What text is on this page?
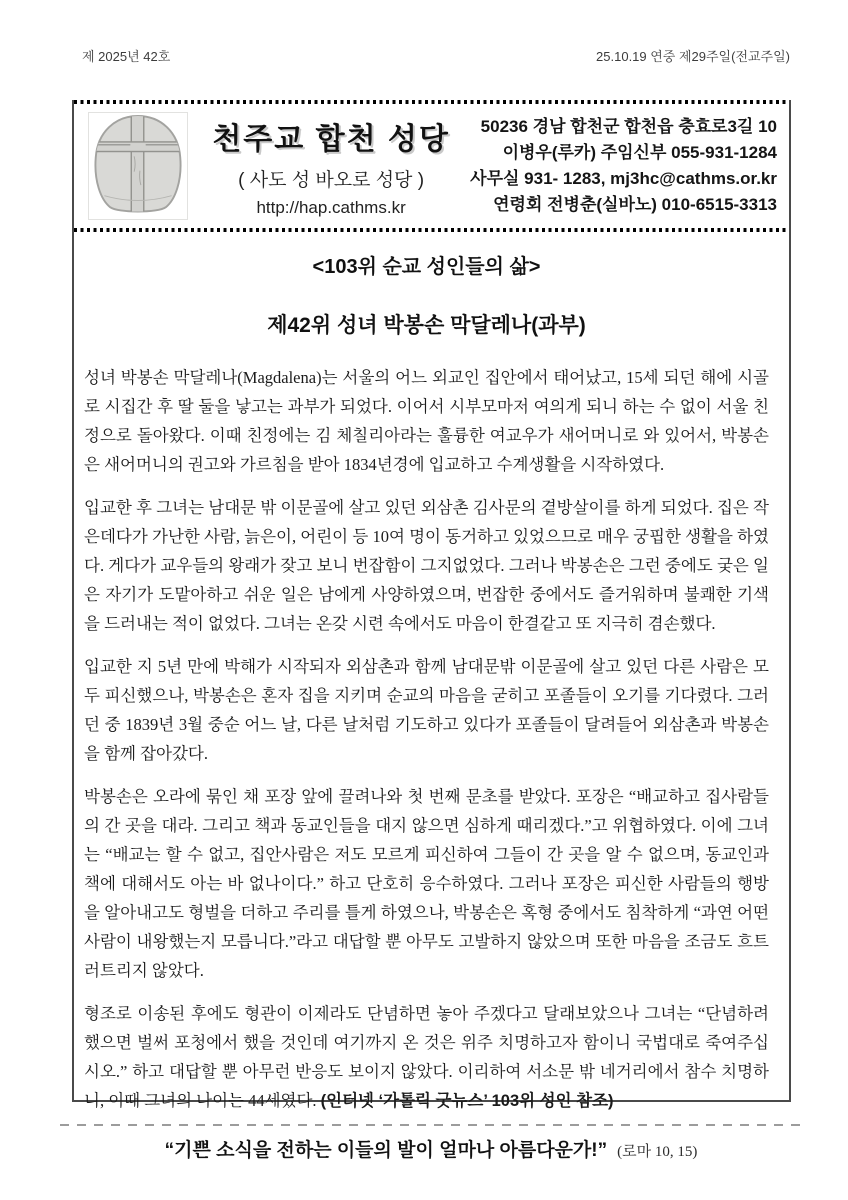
제 2025년 42호	25.10.19 연중 제29주일(전교주일)
천주교 합천 성당
( 사도 성 바오로 성당 )
http://hap.cathms.kr
50236 경남 합천군 합천읍 충효로3길 10
이병우(루카) 주임신부 055-931-1284
사무실 931- 1283, mj3hc@cathms.or.kr
연령회 전병춘(실바노) 010-6515-3313
<103위 순교 성인들의 삶>
제42위 성녀 박봉손 막달레나(과부)

성녀 박봉손 막달레나(Magdalena)는 서울의 어느 외교인 집안에서 태어났고, 15세 되던 해에 시골로 시집간 후 딸 둘을 낳고는 과부가 되었다. 이어서 시부모마저 여의게 되니 하는 수 없이 서울 친정으로 돌아왔다. 이때 친정에는 김 체칠리아라는 훌륭한 여교우가 새어머니로 와 있어서, 박봉손은 새어머니의 권고와 가르침을 받아 1834년경에 입교하고 수계생활을 시작하였다.

입교한 후 그녀는 남대문 밖 이문골에 살고 있던 외삼촌 김사문의 곁방살이를 하게 되었다. 집은 작은데다가 가난한 사람, 늙은이, 어린이 등 10여 명이 동거하고 있었으므로 매우 궁핍한 생활을 하였다. 게다가 교우들의 왕래가 잦고 보니 번잡함이 그지없었다. 그러나 박봉손은 그런 중에도 궂은 일은 자기가 도맡아하고 쉬운 일은 남에게 사양하였으며, 번잡한 중에서도 즐거워하며 불쾌한 기색을 드러내는 적이 없었다. 그녀는 온갖 시련 속에서도 마음이 한결같고 또 지극히 겸손했다.

입교한 지 5년 만에 박해가 시작되자 외삼촌과 함께 남대문밖 이문골에 살고 있던 다른 사람은 모두 피신했으나, 박봉손은 혼자 집을 지키며 순교의 마음을 굳히고 포졸들이 오기를 기다렸다. 그러던 중 1839년 3월 중순 어느 날, 다른 날처럼 기도하고 있다가 포졸들이 달려들어 외삼촌과 박봉손을 함께 잡아갔다.

박봉손은 오라에 묶인 채 포장 앞에 끌려나와 첫 번째 문초를 받았다. 포장은 “배교하고 집사람들의 간 곳을 대라. 그리고 책과 동교인들을 대지 않으면 심하게 때리겠다.”고 위협하였다. 이에 그녀는 “배교는 할 수 없고, 집안사람은 저도 모르게 피신하여 그들이 간 곳을 알 수 없으며, 동교인과 책에 대해서도 아는 바 없나이다.” 하고 단호히 응수하였다. 그러나 포장은 피신한 사람들의 행방을 알아내고도 형벌을 더하고 주리를 틀게 하였으나, 박봉손은 혹형 중에서도 침착하게 “과연 어떤 사람이 내왕했는지 모릅니다.”라고 대답할 뿐 아무도 고발하지 않았으며 또한 마음을 조금도 흐트러트리지 않았다.

형조로 이송된 후에도 형관이 이제라도 단념하면 놓아 주겠다고 달래보았으나 그녀는 “단념하려 했으면 벌써 포청에서 했을 것인데 여기까지 온 것은 위주 치명하고자 함이니 국법대로 죽여주십시오.” 하고 대답할 뿐 아무런 반응도 보이지 않았다. 이리하여 서소문 밖 네거리에서 참수 치명하니, 이때 그녀의 나이는 44세였다. (인터넷 ‘가톨릭 굿뉴스’ 103위 성인 참조)

“기쁜 소식을 전하는 이들의 발이 얼마나 아름다운가!” (로마 10, 15)
